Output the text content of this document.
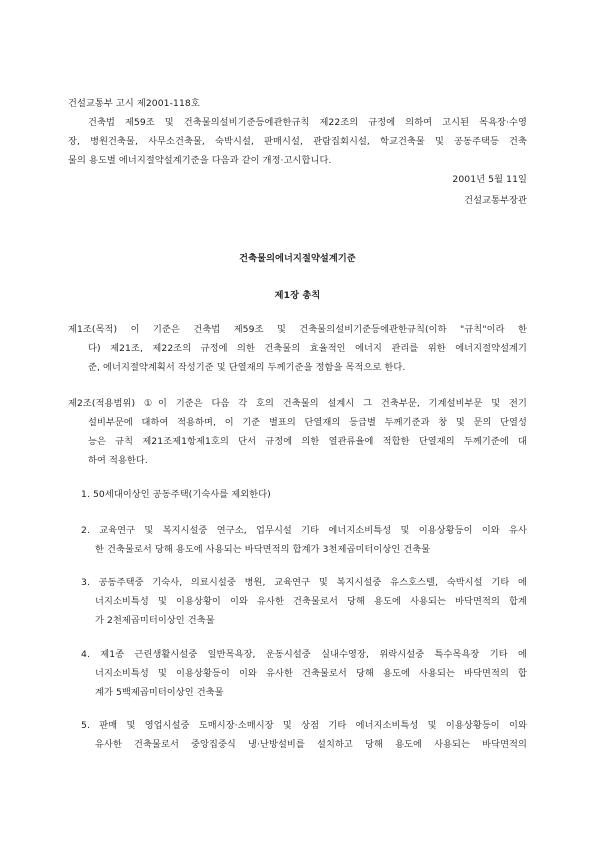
건설교통부 고시 제2001-118호
건축법 제59조 및 건축물의설비기준등에관한규칙 제22조의 규정에 의하여 고시된 목욕장·수영
장, 병원건축물, 사무소건축물, 숙박시설, 판매시설, 관람집회시설, 학교건축물 및 공동주택등 건축
물의 용도별 에너지절약설계기준을 다음과 같이 개정·고시합니다.
2001년 5월 11일
건설교통부장관
건축물의에너지절약설계기준
제1장 총칙
제1조(목적) 이 기준은 건축법 제59조 및 건축물의설비기준등에관한규칙(이하 "규칙"이라 한
다) 제21조, 제22조의 규정에 의한 건축물의 효율적인 에너지 관리를 위한 에너지절약설계기
준, 에너지절약계획서 작성기준 및 단열재의 두께기준을 정함을 목적으로 한다.
제2조(적용범위) ①이 기준은 다음 각 호의 건축물의 설계시 그 건축부문, 기계설비부문 및 전기
설비부문에 대하여 적용하며, 이 기준 별표의 단열재의 등급별 두께기준과 창 및 문의 단열성
능은 규칙 제21조제1항제1호의 단서 규정에 의한 열관류율에 적합한 단열재의 두께기준에 대
하여 적용한다.
1. 50세대이상인 공동주택(기숙사를 제외한다)
2. 교육연구 및 복지시설중 연구소, 업무시설 기타 에너지소비특성 및 이용상황등이 이와 유사
한 건축물로서 당해 용도에 사용되는 바닥면적의 합계가 3천제곱미터이상인 건축물
3. 공동주택중 기숙사, 의료시설중 병원, 교육연구 및 복지시설중 유스호스텔, 숙박시설 기타 에
너지소비특성 및 이용상황이 이와 유사한 건축물로서 당해 용도에 사용되는 바닥면적의 합계
가 2천제곱미터이상인 건축물
4. 제1종 근린생활시설중 일반목욕장, 운동시설중 실내수영장, 위락시설중 특수목욕장 기타 에
너지소비특성 및 이용상황등이 이와 유사한 건축물로서 당해 용도에 사용되는 바닥면적의 합
계가 5백제곱미터이상인 건축물
5. 판매 및 영업시설중 도매시장·소매시장 및 상점 기타 에너지소비특성 및 이용상황등이 이와
유사한 건축물로서 중앙집중식 냉·난방설비를 설치하고 당해 용도에 사용되는 바닥면적의
